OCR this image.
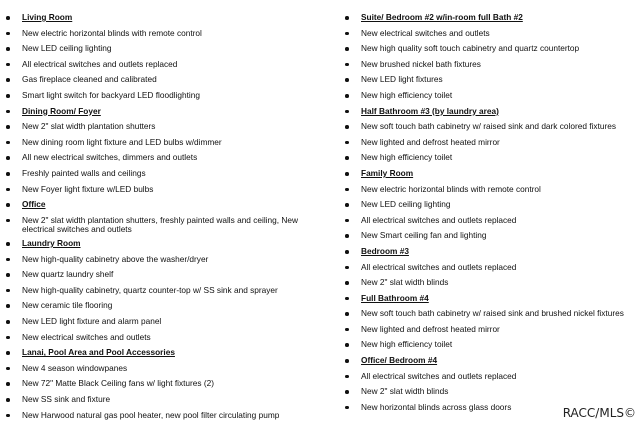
Living Room
New electric horizontal blinds with remote control
New LED ceiling lighting
All electrical switches and outlets replaced
Gas fireplace cleaned and calibrated
Smart light switch for backyard LED floodlighting
Dining Room/ Foyer
New 2" slat width plantation shutters
New dining room light fixture and LED bulbs w/dimmer
All new electrical switches, dimmers and outlets
Freshly painted walls and ceilings
New Foyer light fixture w/LED bulbs
Office
New 2" slat width plantation shutters, freshly painted walls and ceiling, New electrical switches and outlets
Laundry Room
New high-quality cabinetry above the washer/dryer
New quartz laundry shelf
New high-quality cabinetry, quartz counter-top w/ SS sink and sprayer
New ceramic tile flooring
New LED light fixture and alarm panel
New electrical switches and outlets
Lanai, Pool Area and Pool Accessories
New 4 season windowpanes
New 72" Matte Black Ceiling fans w/ light fixtures (2)
New SS sink and fixture
New Harwood natural gas pool heater, new pool filter circulating pump
Suite/ Bedroom #2 w/in-room full Bath #2
New electrical switches and outlets
New high quality soft touch cabinetry and quartz countertop
New brushed nickel bath fixtures
New LED light fixtures
New high efficiency toilet
Half Bathroom #3 (by laundry area)
New soft touch bath cabinetry w/ raised sink and dark colored fixtures
New lighted and defrost heated mirror
New high efficiency toilet
Family Room
New electric horizontal blinds with remote control
New LED ceiling lighting
All electrical switches and outlets replaced
New Smart ceiling fan and lighting
Bedroom #3
All electrical switches and outlets replaced
New 2" slat width blinds
Full Bathroom #4
New soft touch bath cabinetry w/ raised sink and brushed nickel fixtures
New lighted and defrost heated mirror
New high efficiency toilet
Office/ Bedroom #4
All electrical switches and outlets replaced
New 2" slat width blinds
New horizontal blinds across glass doors	RACC/MLS©
